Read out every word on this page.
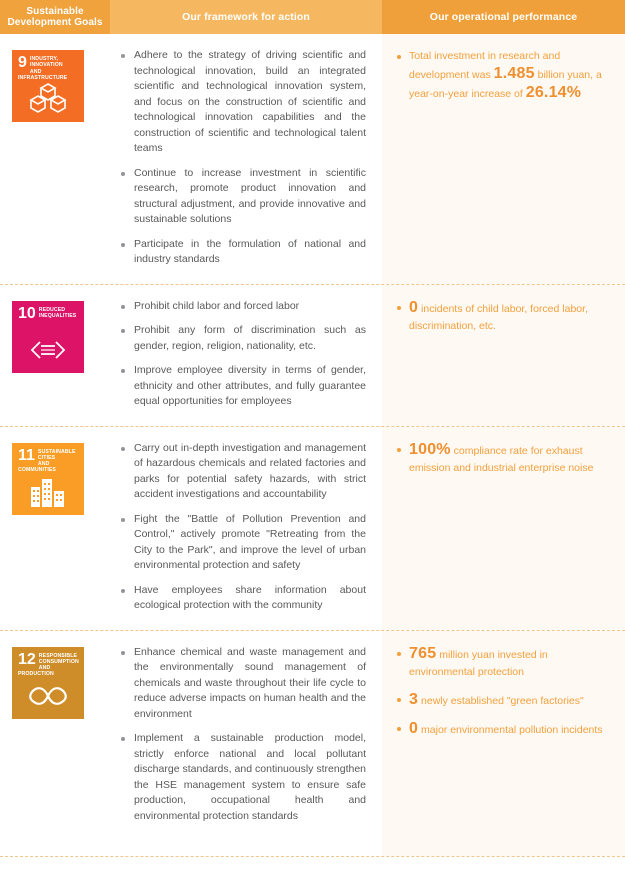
Sustainable
Development Goals	Our framework for action	Our operational performance
9 INDUSTRY, INNOVATION
AND INFRASTRUCTURE
Adhere to the strategy of driving scientific and technological innovation, build an integrated scientific and technological innovation system, and focus on the construction of scientific and technological innovation capabilities and the construction of scientific and technological talent teams
Continue to increase investment in scientific research, promote product innovation and structural adjustment, and provide innovative and sustainable solutions
Participate in the formulation of national and industry standards
Total investment in research and development was 1.485 billion yuan, a year-on-year increase of 26.14%
10 REDUCED
INEQUALITIES
Prohibit child labor and forced labor
Prohibit any form of discrimination such as gender, region, religion, nationality, etc.
Improve employee diversity in terms of gender, ethnicity and other attributes, and fully guarantee equal opportunities for employees
0 incidents of child labor, forced labor, discrimination, etc.
11 SUSTAINABLE CITIES
AND COMMUNITIES
Carry out in-depth investigation and management of hazardous chemicals and related factories and parks for potential safety hazards, with strict accident investigations and accountability
Fight the "Battle of Pollution Prevention and Control," actively promote "Retreating from the City to the Park", and improve the level of urban environmental protection and safety
Have employees share information about ecological protection with the community
100% compliance rate for exhaust emission and industrial enterprise noise
12 RESPONSIBLE
CONSUMPTION
AND PRODUCTION
Enhance chemical and waste management and the environmentally sound management of chemicals and waste throughout their life cycle to reduce adverse impacts on human health and the environment
Implement a sustainable production model, strictly enforce national and local pollutant discharge standards, and continuously strengthen the HSE management system to ensure safe production, occupational health and environmental protection standards
765 million yuan invested in environmental protection
3 newly established "green factories"
0 major environmental pollution incidents
